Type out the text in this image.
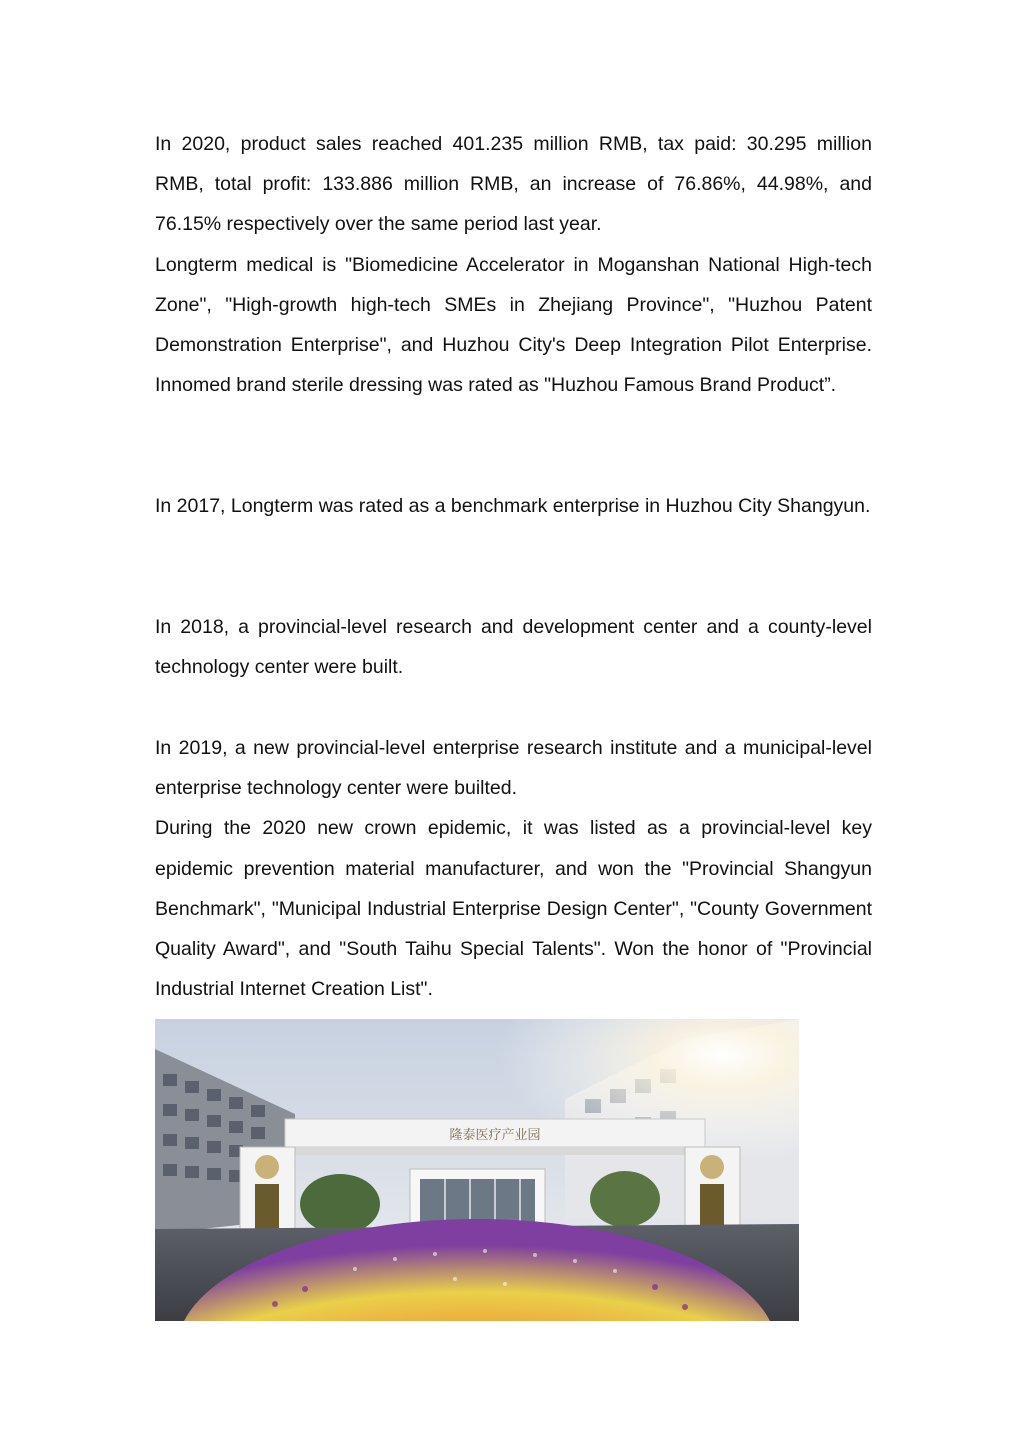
In 2020, product sales reached 401.235 million RMB, tax paid: 30.295 million RMB, total profit: 133.886 million RMB, an increase of 76.86%, 44.98%, and 76.15% respectively over the same period last year.

Longterm medical is "Biomedicine Accelerator in Moganshan National High-tech Zone", "High-growth high-tech SMEs in Zhejiang Province", "Huzhou Patent Demonstration Enterprise", and Huzhou City's Deep Integration Pilot Enterprise. Innomed brand sterile dressing was rated as "Huzhou Famous Brand Product”.

In 2017, Longterm was rated as a benchmark enterprise in Huzhou City Shangyun.

In 2018, a provincial-level research and development center and a county-level technology center were built.

In 2019, a new provincial-level enterprise research institute and a municipal-level enterprise technology center were builted.

During the 2020 new crown epidemic, it was listed as a provincial-level key epidemic prevention material manufacturer, and won the "Provincial Shangyun Benchmark", "Municipal Industrial Enterprise Design Center", "County Government Quality Award", and "South Taihu Special Talents". Won the honor of "Provincial Industrial Internet Creation List".

隆泰医疗产业园
